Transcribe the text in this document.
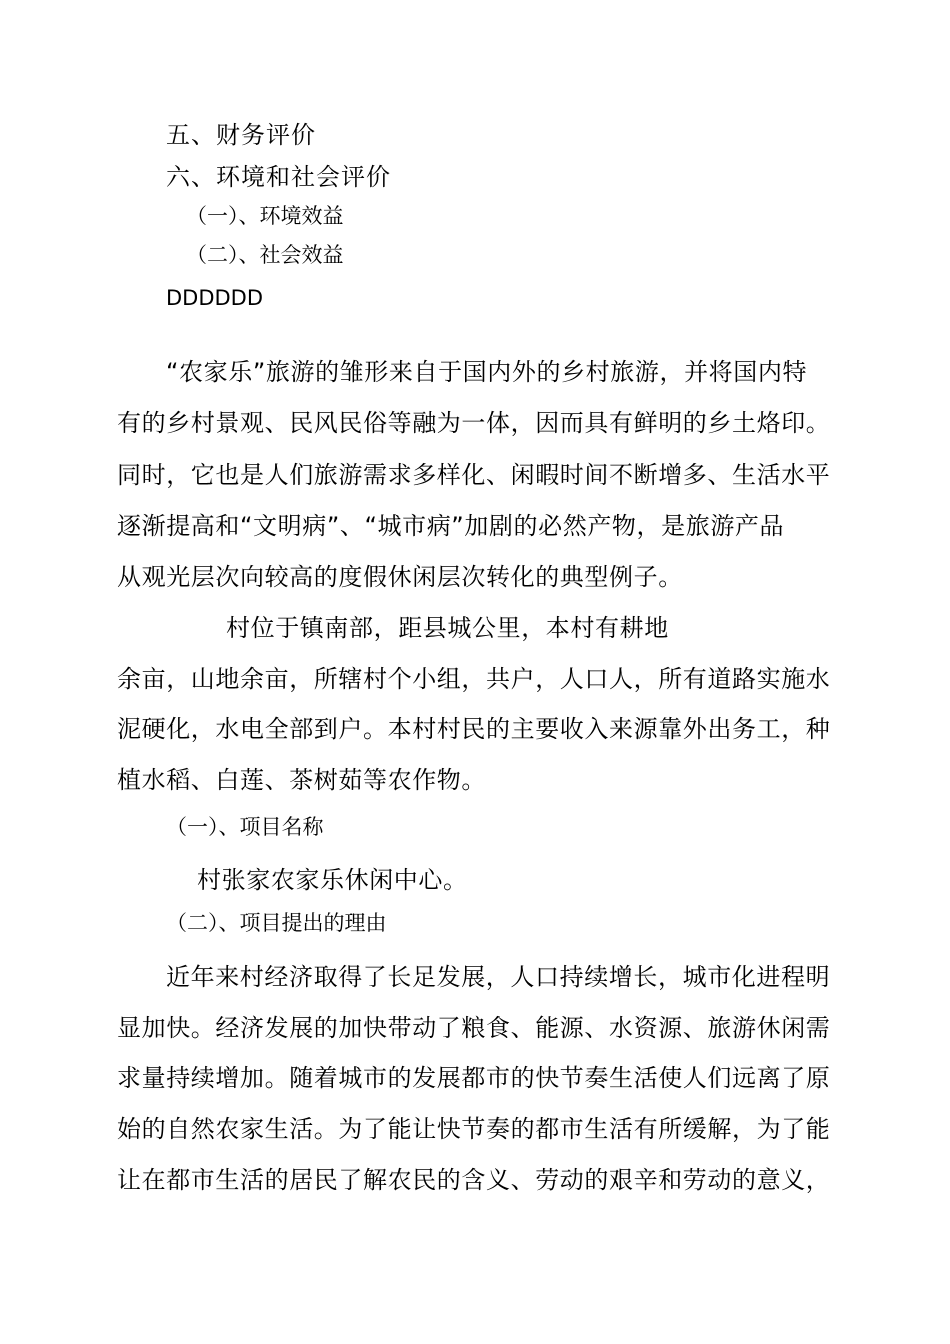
五、财务评价

六、环境和社会评价

（一）、环境效益

（二）、社会效益

DDDDDD

“农家乐”旅游的雏形来自于国内外的乡村旅游，并将国内特

有的乡村景观、民风民俗等融为一体，因而具有鲜明的乡土烙印。

同时，它也是人们旅游需求多样化、闲暇时间不断增多、生活水平

逐渐提高和“文明病”、“城市病”加剧的必然产物，是旅游产品

从观光层次向较高的度假休闲层次转化的典型例子。

村位于镇南部，距县城公里，本村有耕地

余亩，山地余亩，所辖村个小组，共户，人口人，所有道路实施水

泥硬化，水电全部到户。本村村民的主要收入来源靠外出务工，种

植水稻、白莲、茶树茹等农作物。

（一）、项目名称

村张家农家乐休闲中心。

（二）、项目提出的理由

近年来村经济取得了长足发展，人口持续增长，城市化进程明

显加快。经济发展的加快带动了粮食、能源、水资源、旅游休闲需

求量持续增加。随着城市的发展都市的快节奏生活使人们远离了原

始的自然农家生活。为了能让快节奏的都市生活有所缓解，为了能

让在都市生活的居民了解农民的含义、劳动的艰辛和劳动的意义，
